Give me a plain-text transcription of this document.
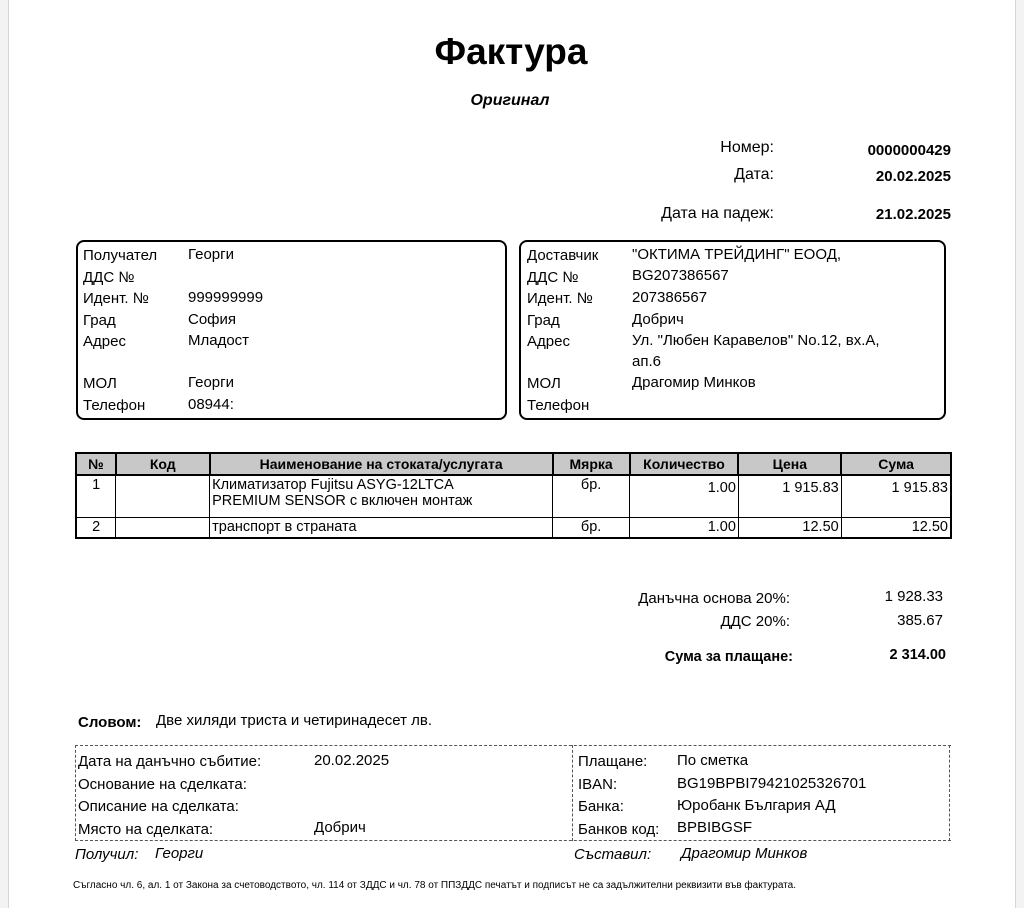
Фактура
Оригинал
Номер:	0000000429
Дата:	20.02.2025
Дата на падеж:	21.02.2025
Получател Георги
ДДС №
Идент. №	999999999
Град	София
Адрес	Младост
МОЛ	Георги
Телефон	08944:
Доставчик "ОКТИМА ТРЕЙДИНГ" ЕООД,
ДДС №	BG207386567
Идент. №	207386567
Град	Добрич
Адрес	Ул. "Любен Каравелов" No.12, вх.А,
ап.6
МОЛ	Драгомир Минков
Телефон
№	Код	Наименование на стоката/услугата	Мярка	Количество	Цена	Сума
1		Климатизатор Fujitsu ASYG-12LTCA
PREMIUM SENSOR с включен монтаж	бр.	1.00	1 915.83	1 915.83
2		транспорт в страната	бр.	1.00	12.50	12.50
Данъчна основа 20%:	1 928.33
ДДС 20%:	385.67
Сума за плащане:	2 314.00
Словом: Две хиляди триста и четиринадесет лв.
Дата на данъчно събитие:	20.02.2025
Основание на сделката:
Описание на сделката:
Място на сделката:	Добрич
Плащане: По сметка
IBAN:	BG19BPBI79421025326701
Банка:	Юробанк България АД
Банков код: BPBIBGSF
Получил: Георги	Съставил: Драгомир Минков
Съгласно чл. 6, ал. 1 от Закона за счетоводството, чл. 114 от ЗДДС и чл. 78 от ППЗДДС печатът и подписът не са задължителни реквизити във фактурата.
